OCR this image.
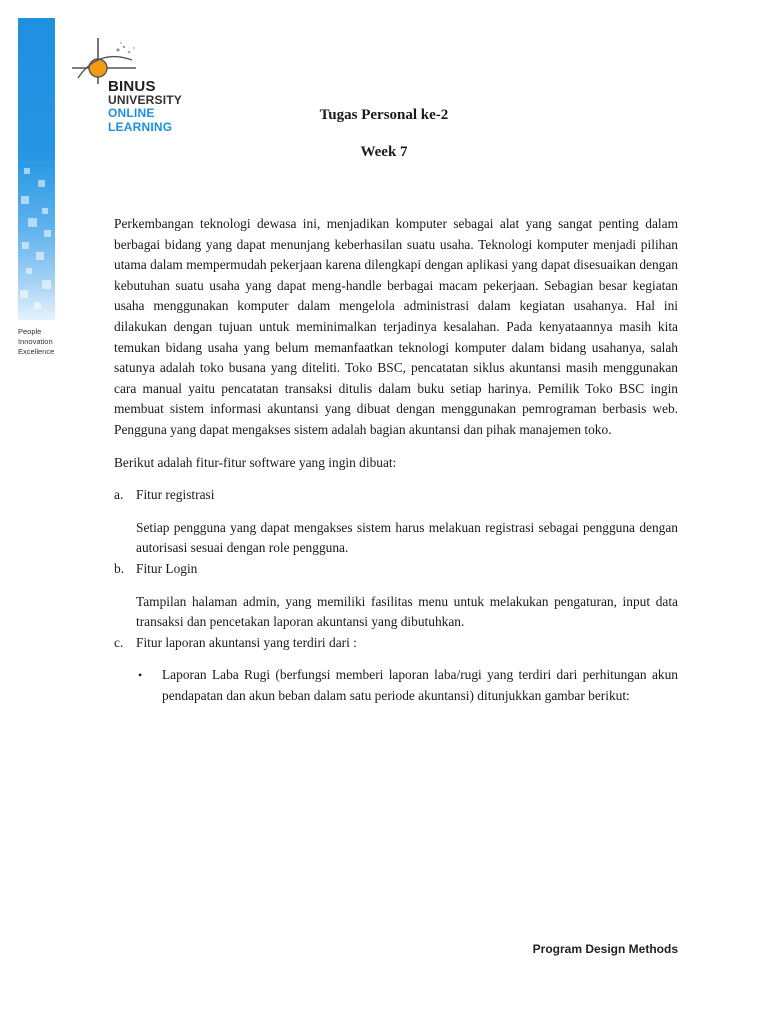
People
Innovation
Excellence
BINUS
UNIVERSITY
ONLINE
LEARNING
Tugas Personal ke-2
Week 7

Perkembangan teknologi dewasa ini, menjadikan komputer sebagai alat yang sangat penting dalam berbagai bidang yang dapat menunjang keberhasilan suatu usaha. Teknologi komputer menjadi pilihan utama dalam mempermudah pekerjaan karena dilengkapi dengan aplikasi yang dapat disesuaikan dengan kebutuhan suatu usaha yang dapat meng-handle berbagai macam pekerjaan. Sebagian besar kegiatan usaha menggunakan komputer dalam mengelola administrasi dalam kegiatan usahanya. Hal ini dilakukan dengan tujuan untuk meminimalkan terjadinya kesalahan. Pada kenyataannya masih kita temukan bidang usaha yang belum memanfaatkan teknologi komputer dalam bidang usahanya, salah satunya adalah toko busana yang diteliti. Toko BSC, pencatatan siklus akuntansi masih menggunakan cara manual yaitu pencatatan transaksi ditulis dalam buku setiap harinya. Pemilik Toko BSC ingin membuat sistem informasi akuntansi yang dibuat dengan menggunakan pemrograman berbasis web. Pengguna yang dapat mengakses sistem adalah bagian akuntansi dan pihak manajemen toko.

Berikut adalah fitur-fitur software yang ingin dibuat:

a. Fitur registrasi

Setiap pengguna yang dapat mengakses sistem harus melakuan registrasi sebagai pengguna dengan autorisasi sesuai dengan role pengguna.

b. Fitur Login

Tampilan halaman admin, yang memiliki fasilitas menu untuk melakukan pengaturan, input data transaksi dan pencetakan laporan akuntansi yang dibutuhkan.

c. Fitur laporan akuntansi yang terdiri dari :
• Laporan Laba Rugi (berfungsi memberi laporan laba/rugi yang terdiri dari perhitungan akun pendapatan dan akun beban dalam satu periode akuntansi) ditunjukkan gambar berikut:
Program Design Methods
